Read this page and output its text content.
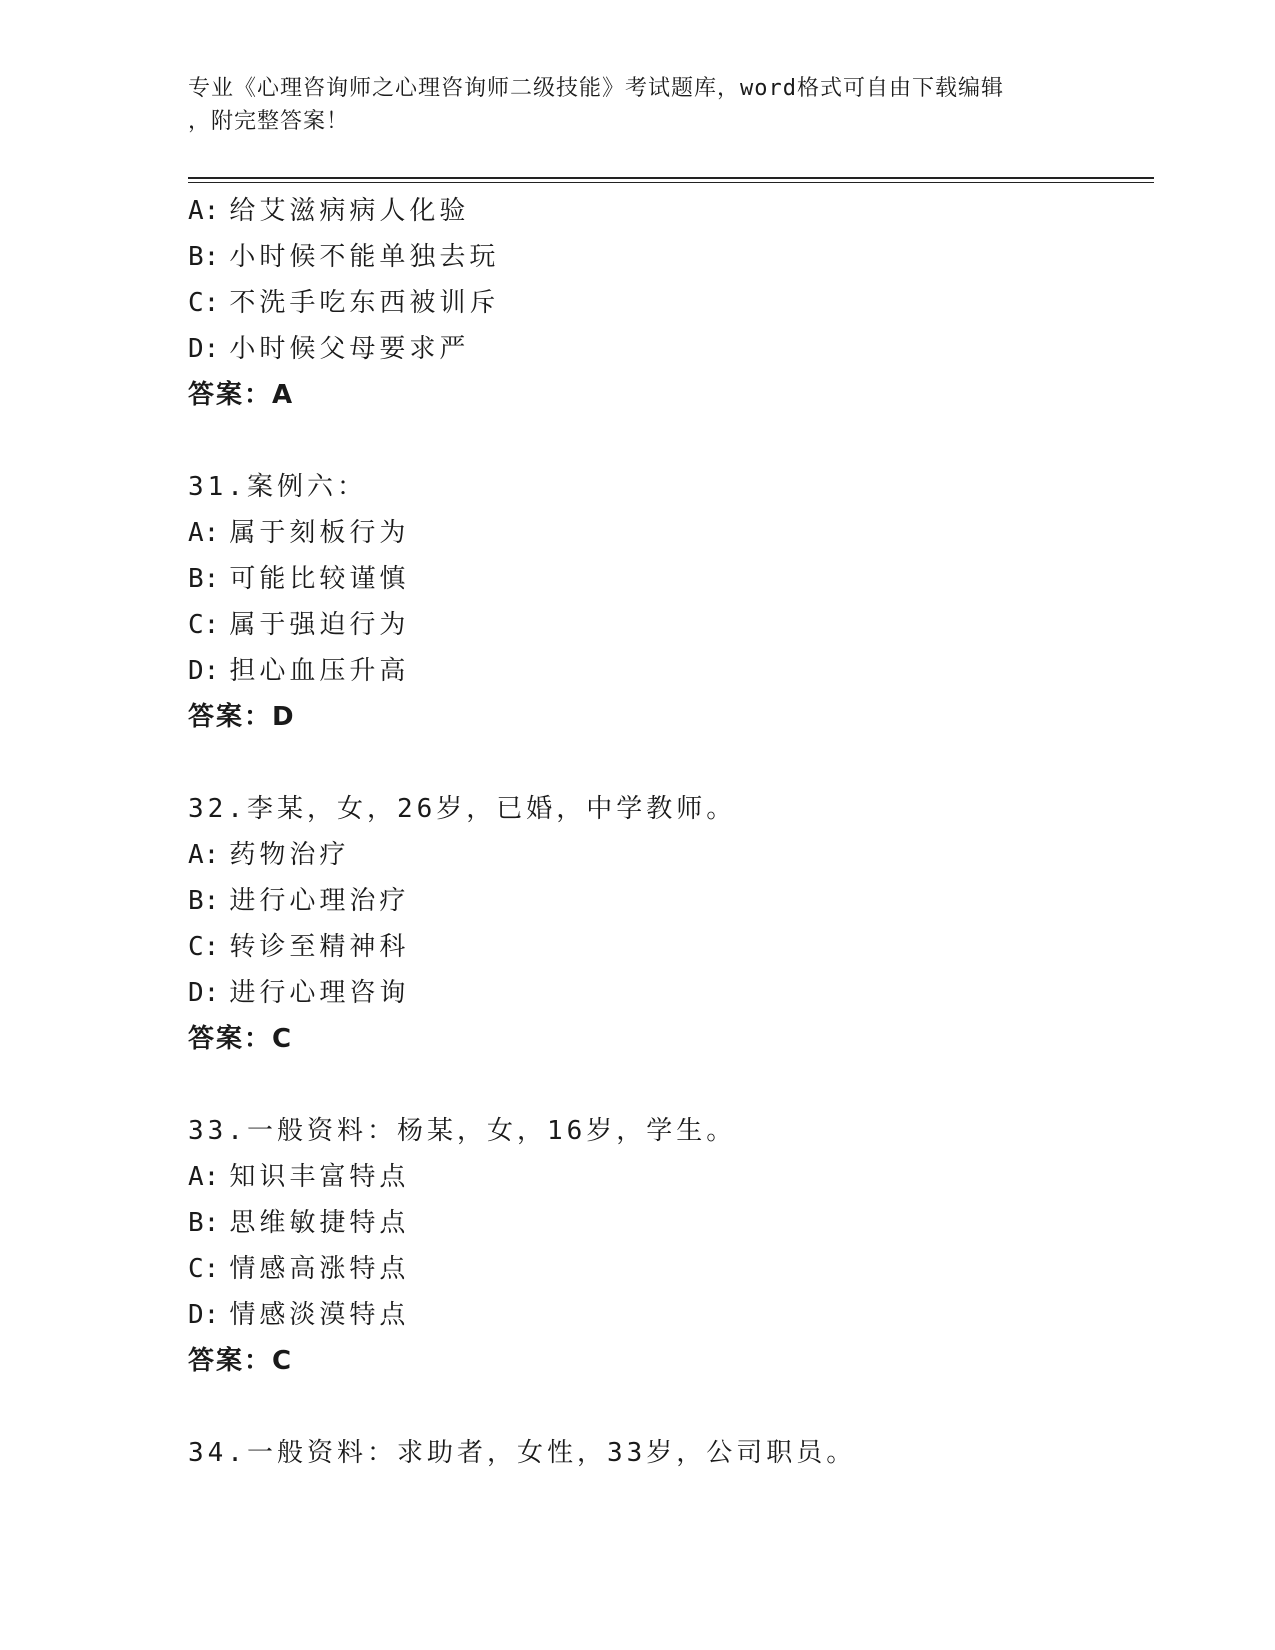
专业《心理咨询师之心理咨询师二级技能》考试题库，word格式可自由下载编辑
，附完整答案！
A: 给艾滋病病人化验
B: 小时候不能单独去玩
C: 不洗手吃东西被训斥
D: 小时候父母要求严
答案：A
31.案例六：
A: 属于刻板行为
B: 可能比较谨慎
C: 属于强迫行为
D: 担心血压升高
答案：D
32.李某，女，26岁，已婚，中学教师。
A: 药物治疗
B: 进行心理治疗
C: 转诊至精神科
D: 进行心理咨询
答案：C
33.一般资料：杨某，女，16岁，学生。
A: 知识丰富特点
B: 思维敏捷特点
C: 情感高涨特点
D: 情感淡漠特点
答案：C
34.一般资料：求助者，女性，33岁，公司职员。
